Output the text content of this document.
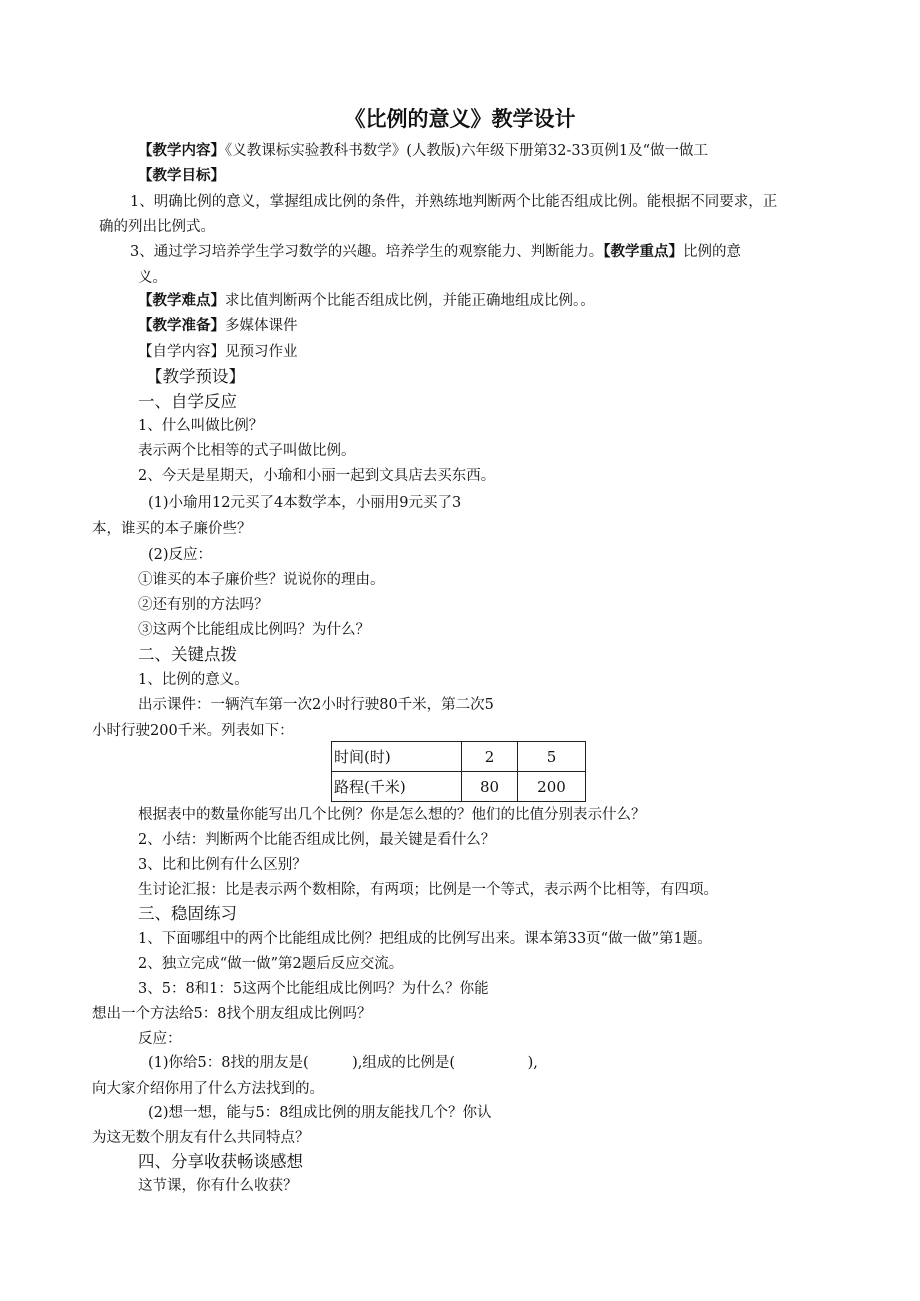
《比例的意义》教学设计
【教学内容】《义教课标实验教科书数学》(人教版)六年级下册第32-33页例1及“做一做工
【教学目标】
1、明确比例的意义，掌握组成比例的条件，并熟练地判断两个比能否组成比例。能根据不同要求，正
确的列出比例式。
3、通过学习培养学生学习数学的兴趣。培养学生的观察能力、判断能力。【教学重点】比例的意
义。
【教学难点】求比值判断两个比能否组成比例，并能正确地组成比例。。
【教学准备】多媒体课件
【自学内容】见预习作业
【教学预设】
一、自学反应
1、什么叫做比例？
表示两个比相等的式子叫做比例。
2、今天是星期天，小瑜和小丽一起到文具店去买东西。
(1)小瑜用12元买了4本数学本，小丽用9元买了3
本，谁买的本子廉价些？
(2)反应：
①谁买的本子廉价些？说说你的理由。
②还有别的方法吗？
③这两个比能组成比例吗？为什么？
二、关键点拨
1、比例的意义。
出示课件：一辆汽车第一次2小时行驶80千米，第二次5
小时行驶200千米。列表如下：
时间(时)	2	5
路程(千米)	80	200
根据表中的数量你能写出几个比例？你是怎么想的？他们的比值分别表示什么？
2、小结：判断两个比能否组成比例，最关键是看什么？
3、比和比例有什么区别？
生讨论汇报：比是表示两个数相除，有两项；比例是一个等式，表示两个比相等，有四项。
三、稳固练习
1、下面哪组中的两个比能组成比例？把组成的比例写出来。课本第33页“做一做”第1题。
2、独立完成“做一做”第2题后反应交流。
3、5：8和1：5这两个比能组成比例吗？为什么？你能
想出一个方法给5：8找个朋友组成比例吗？
反应：
(1)你给5：8找的朋友是(　　　),组成的比例是(　　　　　),
向大家介绍你用了什么方法找到的。
(2)想一想，能与5：8组成比例的朋友能找几个？你认
为这无数个朋友有什么共同特点？
四、分享收获畅谈感想
这节课，你有什么收获？
